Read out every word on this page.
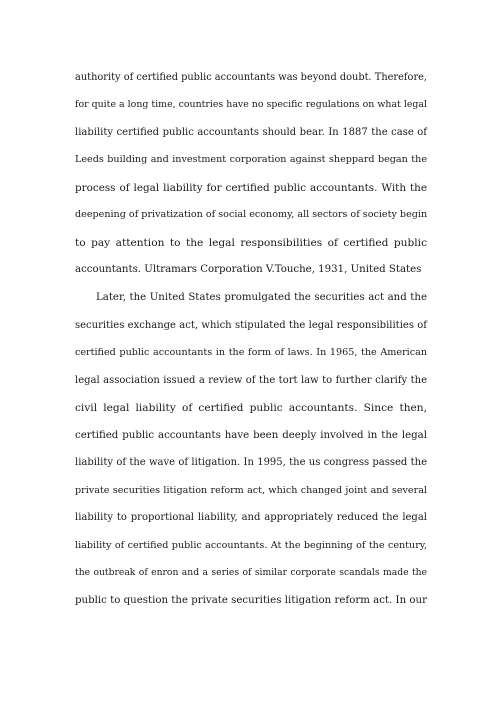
authority of certified public accountants was beyond doubt. Therefore,
for quite a long time, countries have no specific regulations on what legal
liability certified public accountants should bear. In 1887 the case of
Leeds building and investment corporation against sheppard began the
process of legal liability for certified public accountants. With the
deepening of privatization of social economy, all sectors of society begin
to pay attention to the legal responsibilities of certified public
accountants. Ultramars Corporation V.Touche, 1931, United States
Later, the United States promulgated the securities act and the
securities exchange act, which stipulated the legal responsibilities of
certified public accountants in the form of laws. In 1965, the American
legal association issued a review of the tort law to further clarify the
civil legal liability of certified public accountants. Since then,
certified public accountants have been deeply involved in the legal
liability of the wave of litigation. In 1995, the us congress passed the
private securities litigation reform act, which changed joint and several
liability to proportional liability, and appropriately reduced the legal
liability of certified public accountants. At the beginning of the century,
the outbreak of enron and a series of similar corporate scandals made the
public to question the private securities litigation reform act. In our
